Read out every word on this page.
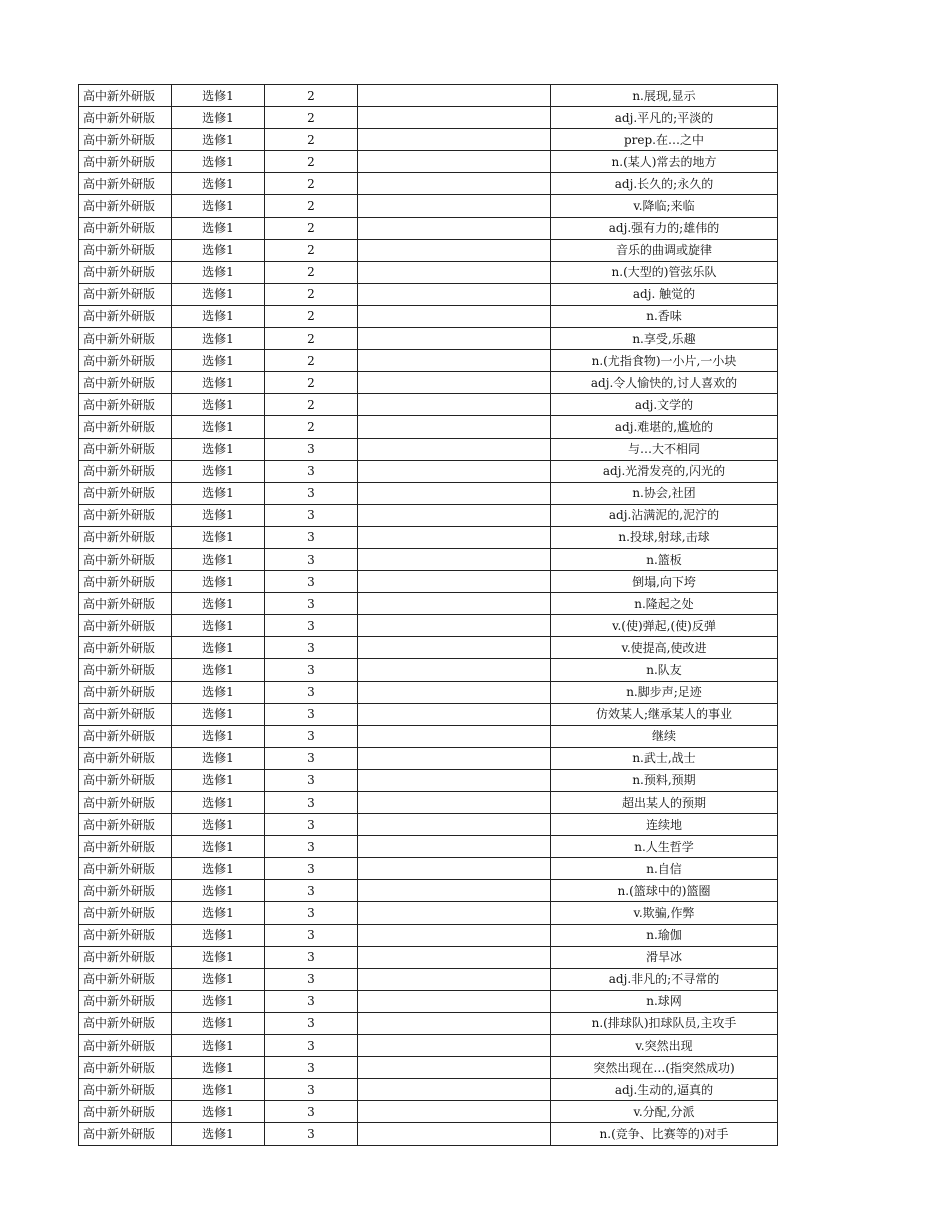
高中新外研版	选修1	2		n.展现,显示
高中新外研版	选修1	2		adj.平凡的;平淡的
高中新外研版	选修1	2		prep.在…之中
高中新外研版	选修1	2		n.(某人)常去的地方
高中新外研版	选修1	2		adj.长久的;永久的
高中新外研版	选修1	2		v.降临;来临
高中新外研版	选修1	2		adj.强有力的;雄伟的
高中新外研版	选修1	2		音乐的曲调或旋律
高中新外研版	选修1	2		n.(大型的)管弦乐队
高中新外研版	选修1	2		adj. 触觉的
高中新外研版	选修1	2		n.香味
高中新外研版	选修1	2		n.享受,乐趣
高中新外研版	选修1	2		n.(尤指食物)一小片,一小块
高中新外研版	选修1	2		adj.令人愉快的,讨人喜欢的
高中新外研版	选修1	2		adj.文学的
高中新外研版	选修1	2		adj.难堪的,尴尬的
高中新外研版	选修1	3		与…大不相同
高中新外研版	选修1	3		adj.光滑发亮的,闪光的
高中新外研版	选修1	3		n.协会,社团
高中新外研版	选修1	3		adj.沾满泥的,泥泞的
高中新外研版	选修1	3		n.投球,射球,击球
高中新外研版	选修1	3		n.篮板
高中新外研版	选修1	3		倒塌,向下垮
高中新外研版	选修1	3		n.隆起之处
高中新外研版	选修1	3		v.(使)弹起,(使)反弹
高中新外研版	选修1	3		v.使提高,使改进
高中新外研版	选修1	3		n.队友
高中新外研版	选修1	3		n.脚步声;足迹
高中新外研版	选修1	3		仿效某人;继承某人的事业
高中新外研版	选修1	3		继续
高中新外研版	选修1	3		n.武士,战士
高中新外研版	选修1	3		n.预料,预期
高中新外研版	选修1	3		超出某人的预期
高中新外研版	选修1	3		连续地
高中新外研版	选修1	3		n.人生哲学
高中新外研版	选修1	3		n.自信
高中新外研版	选修1	3		n.(篮球中的)篮圈
高中新外研版	选修1	3		v.欺骗,作弊
高中新外研版	选修1	3		n.瑜伽
高中新外研版	选修1	3		滑旱冰
高中新外研版	选修1	3		adj.非凡的;不寻常的
高中新外研版	选修1	3		n.球网
高中新外研版	选修1	3		n.(排球队)扣球队员,主攻手
高中新外研版	选修1	3		v.突然出现
高中新外研版	选修1	3		突然出现在…(指突然成功)
高中新外研版	选修1	3		adj.生动的,逼真的
高中新外研版	选修1	3		v.分配,分派
高中新外研版	选修1	3		n.(竞争、比赛等的)对手
